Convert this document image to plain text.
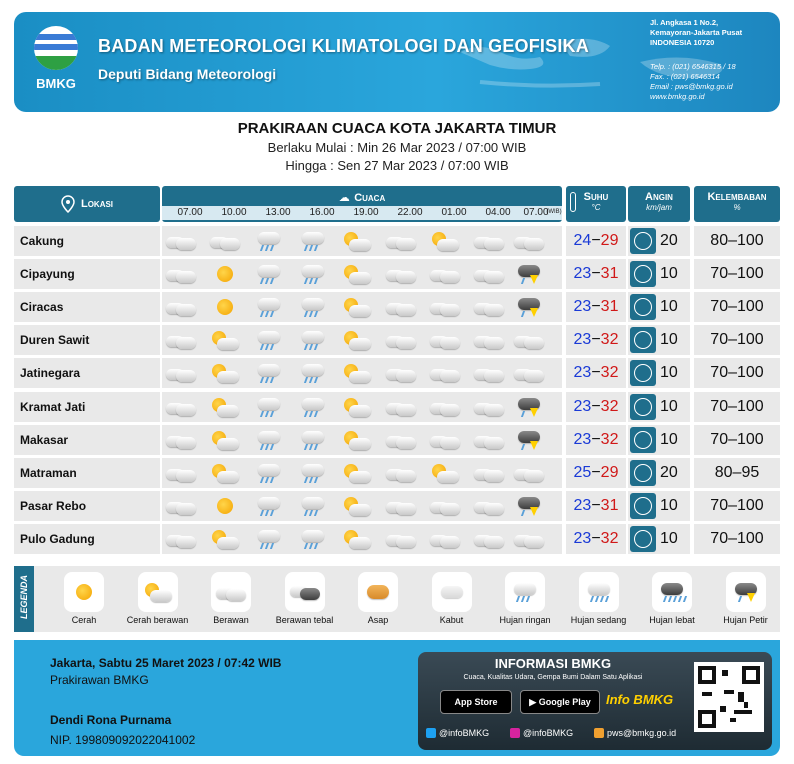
BMKG
BADAN METEOROLOGI KLIMATOLOGI DAN GEOFISIKA
Deputi Bidang Meteorologi
Jl. Angkasa 1 No.2,
Kemayoran-Jakarta Pusat
INDONESIA 10720
Telp. : (021) 6546315 / 18
Fax. : (021) 6546314
Email : pws@bmkg.go.id
www.bmkg.go.id
PRAKIRAAN CUACA KOTA JAKARTA TIMUR
Berlaku Mulai : Min 26 Mar 2023 / 07:00 WIB
Hingga : Sen 27 Mar 2023 / 07:00 WIB
Lokasi	☁ Cuaca
07.00	10.00	13.00	16.00	19.00	22.00	01.00	04.00	07.00
(WIB)
Suhu
°C
Angin
km/jam
Kelembaban
%
Cakung	24−29	20	80–100
Cipayung	23−31	10	70–100
Ciracas	23−31	10	70–100
Duren Sawit	23−32	10	70–100
Jatinegara	23−32	10	70–100
Kramat Jati	23−32	10	70–100
Makasar	23−32	10	70–100
Matraman	25−29	20	80–95
Pasar Rebo	23−31	10	70–100
Pulo Gadung	23−32	10	70–100
LEGENDA
Cerah	Cerah berawan	Berawan	Berawan tebal	Asap	Kabut	Hujan ringan	Hujan sedang	Hujan lebat	Hujan Petir
Jakarta, Sabtu 25 Maret 2023 / 07:42 WIB
Prakirawan BMKG
Dendi Rona Purnama
NIP. 199809092022041002
INFORMASI BMKG
Cuaca, Kualitas Udara, Gempa Bumi Dalam Satu Aplikasi
App Store	▶ Google Play	Info BMKG
@infoBMKG	@infoBMKG	pws@bmkg.go.id
